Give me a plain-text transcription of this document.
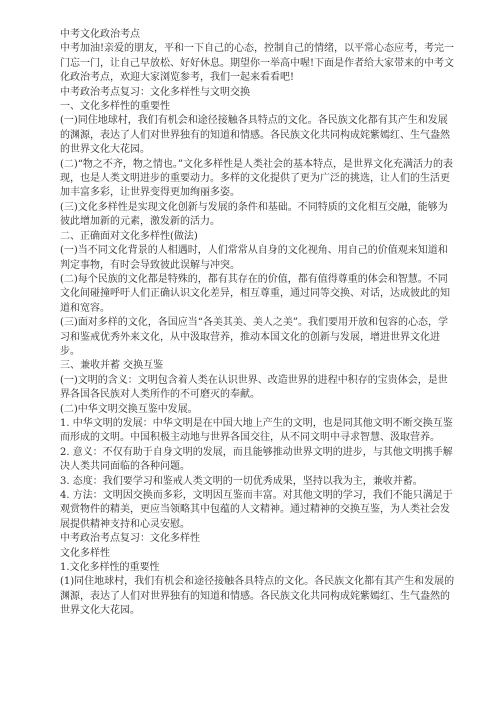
中考文化政治考点

中考加油!亲爱的朋友，平和一下自己的心态，控制自己的情绪，以平常心态应考，考完一门忘一门，让自己早放松、好好休息。期望你一举高中喔!下面是作者给大家带来的中考文化政治考点，欢迎大家浏览参考，我们一起来看看吧!

中考政治考点复习：文化多样性与文明交换

一、文化多样性的重要性

(一)同住地球村，我们有机会和途径接触各具特点的文化。各民族文化都有其产生和发展的渊源，表达了人们对世界独有的知道和情感。各民族文化共同构成姹紫嫣红、生气盎然的世界文化大花园。

(二)“物之不齐，物之情也。”文化多样性是人类社会的基本特点，是世界文化充满活力的表现，也是人类文明进步的重要动力。多样的文化提供了更为广泛的挑选，让人们的生活更加丰富多彩，让世界变得更加绚丽多姿。

(三)文化多样性是实现文化创新与发展的条件和基础。不同特质的文化相互交融，能够为彼此增加新的元素，激发新的活力。

二、正确面对文化多样性(做法)

(一)当不同文化背景的人相遇时，人们常常从自身的文化视角、用自己的价值观来知道和判定事物，有时会导致彼此误解与冲突。

(二)每个民族的文化都是特殊的，都有其存在的价值，都有值得尊重的体会和智慧。不同文化间碰撞呼吁人们正确认识文化差异，相互尊重，通过同等交换、对话，达成彼此的知道和宽容。

(三)面对多样的文化，各国应当“各美其美、美人之美”。我们要用开放和包容的心态，学习和鉴戒优秀外来文化，从中汲取营养，推动本国文化的创新与发展，增进世界文化进步。

三、兼收并蓄 交换互鉴

(一)文明的含义：文明包含着人类在认识世界、改造世界的进程中积存的宝贵体会，是世界各国各民族对人类所作的不可磨灭的奉献。

(二)中华文明交换互鉴中发展。

1. 中华文明的发展：中华文明是在中国大地上产生的文明，也是同其他文明不断交换互鉴而形成的文明。中国积极主动地与世界各国交往，从不同文明中寻求智慧、汲取营养。

2. 意义：不仅有助于自身文明的发展，而且能够推动世界文明的进步，与其他文明携手解决人类共同面临的各种问题。

3. 态度：我们要学习和鉴戒人类文明的一切优秀成果，坚持以我为主，兼收并蓄。

4. 方法：文明因交换而多彩，文明因互鉴而丰富。对其他文明的学习，我们不能只满足于观赏物件的精美，更应当领略其中包蕴的人文精神。通过精神的交换互鉴，为人类社会发展提供精神支持和心灵安慰。

中考政治考点复习：文化多样性

文化多样性

1.文化多样性的重要性

(1)同住地球村，我们有机会和途径接触各具特点的文化。各民族文化都有其产生和发展的渊源，表达了人们对世界独有的知道和情感。各民族文化共同构成姹紫嫣红、生气盎然的世界文化大花园。
